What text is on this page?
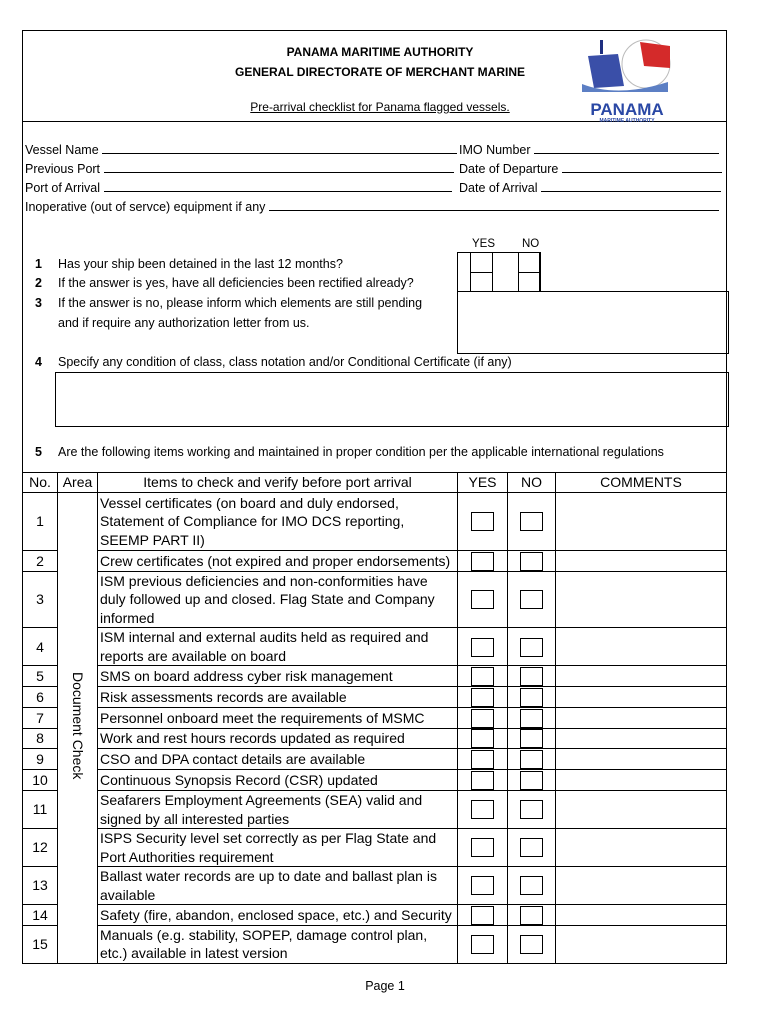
PANAMA MARITIME AUTHORITY
GENERAL DIRECTORATE OF MERCHANT MARINE
Pre-arrival checklist for Panama flagged vessels.	PANAMA
MARITIME AUTHORITY
Vessel Name	IMO Number
Previous Port	Date of Departure
Port of Arrival	Date of Arrival
Inoperative (out of servce) equipment if any
YES NO
1 Has your ship been detained in the last 12 months?
2 If the answer is yes, have all deficiencies been rectified already?
3 If the answer is no, please inform which elements are still pending
and if require any authorization letter from us.
4 Specify any condition of class, class notation and/or Conditional Certificate (if any)
5 Are the following items working and maintained in proper condition per the applicable international regulations
No.	Area	Items to check and verify before port arrival	YES	NO	COMMENTS
1	Document Check	Vessel certificates (on board and duly endorsed, Statement of Compliance for IMO DCS reporting, SEEMP PART II)			
2		Crew certificates (not expired and proper endorsements)			
3		ISM previous deficiencies and non-conformities have duly followed up and closed. Flag State and Company informed			
4		ISM internal and external audits held as required and reports are available on board			
5		SMS on board address cyber risk management			
6		Risk assessments records are available			
7		Personnel onboard meet the requirements of MSMC			
8		Work and rest hours records updated as required			
9		CSO and DPA contact details are available			
10		Continuous Synopsis Record (CSR) updated			
11		Seafarers Employment Agreements (SEA) valid and signed by all interested parties			
12		ISPS Security level set correctly as per Flag State and Port Authorities requirement			
13		Ballast water records are up to date and ballast plan is available			
14		Safety (fire, abandon, enclosed space, etc.) and Security			
15		Manuals (e.g. stability, SOPEP, damage control plan, etc.) available in latest version			
Page 1
